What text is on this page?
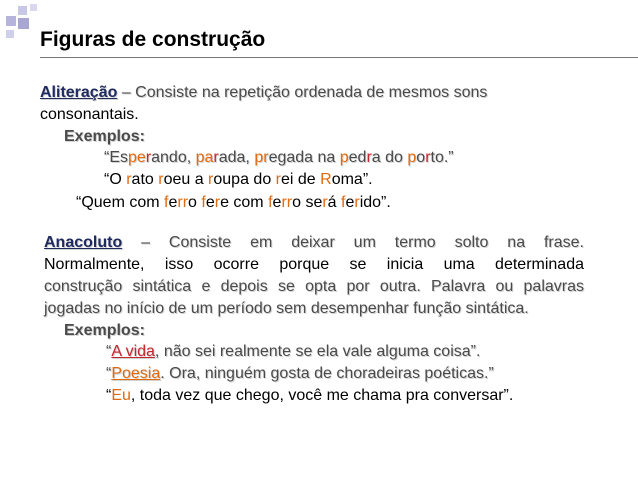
Figuras de construção
Aliteração – Consiste na repetição ordenada de mesmos sons
consonantais.
Exemplos:
“Esperando, parada, pregada na pedra do porto.”
“O rato roeu a roupa do rei de Roma”.
“Quem com ferro fere com ferro será ferido”.
Anacoluto – Consiste em deixar um termo solto na frase.
Normalmente, isso ocorre porque se inicia uma determinada
construção sintática e depois se opta por outra. Palavra ou palavras
jogadas no início de um período sem desempenhar função sintática.
Exemplos:
“A vida, não sei realmente se ela vale alguma coisa”.
“Poesia. Ora, ninguém gosta de choradeiras poéticas.”
“Eu, toda vez que chego, você me chama pra conversar”.
